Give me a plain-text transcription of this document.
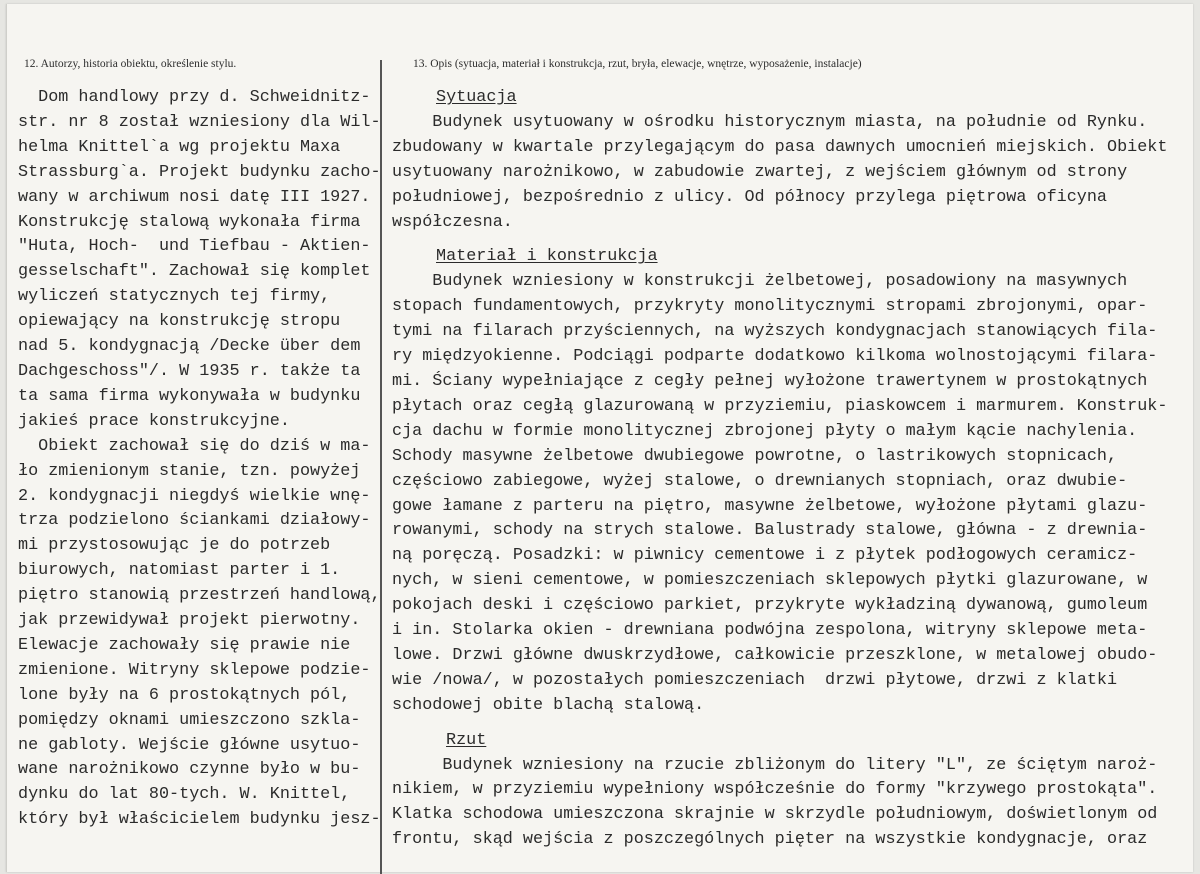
12. Autorzy, historia obiektu, określenie stylu.	13. Opis (sytuacja, materiał i konstrukcja, rzut, bryła, elewacje, wnętrze, wyposażenie, instalacje)
Dom handlowy przy d. Schweidnitz-
str. nr 8 został wzniesiony dla Wil-
helma Knittel`a wg projektu Maxa
Strassburg`a. Projekt budynku zacho-
wany w archiwum nosi datę III 1927.
Konstrukcję stalową wykonała firma
"Huta, Hoch-  und Tiefbau - Aktien-
gesselschaft". Zachował się komplet
wyliczeń statycznych tej firmy,
opiewający na konstrukcję stropu
nad 5. kondygnacją /Decke über dem
Dachgeschoss"/. W 1935 r. także ta
ta sama firma wykonywała w budynku
jakieś prace konstrukcyjne.
Obiekt zachował się do dziś w ma-
ło zmienionym stanie, tzn. powyżej
2. kondygnacji niegdyś wielkie wnę-
trza podzielono ściankami działowy-
mi przystosowując je do potrzeb
biurowych, natomiast parter i 1.
piętro stanowią przestrzeń handlową,
jak przewidywał projekt pierwotny.
Elewacje zachowały się prawie nie
zmienione. Witryny sklepowe podzie-
lone były na 6 prostokątnych pól,
pomiędzy oknami umieszczono szkla-
ne gabloty. Wejście główne usytuo-
wane narożnikowo czynne było w bu-
dynku do lat 80-tych. W. Knittel,
który był właścicielem budynku jesz-
Sytuacja
Budynek usytuowany w ośrodku historycznym miasta, na południe od Rynku.
zbudowany w kwartale przylegającym do pasa dawnych umocnień miejskich. Obiekt
usytuowany narożnikowo, w zabudowie zwartej, z wejściem głównym od strony
południowej, bezpośrednio z ulicy. Od północy przylega piętrowa oficyna
współczesna.
Materiał i konstrukcja
Budynek wzniesiony w konstrukcji żelbetowej, posadowiony na masywnych
stopach fundamentowych, przykryty monolitycznymi stropami zbrojonymi, opar-
tymi na filarach przyściennych, na wyższych kondygnacjach stanowiących fila-
ry międzyokienne. Podciągi podparte dodatkowo kilkoma wolnostojącymi filara-
mi. Ściany wypełniające z cegły pełnej wyłożone trawertynem w prostokątnych
płytach oraz cegłą glazurowaną w przyziemiu, piaskowcem i marmurem. Konstruk-
cja dachu w formie monolitycznej zbrojonej płyty o małym kącie nachylenia.
Schody masywne żelbetowe dwubiegowe powrotne, o lastrikowych stopnicach,
częściowo zabiegowe, wyżej stalowe, o drewnianych stopniach, oraz dwubie-
gowe łamane z parteru na piętro, masywne żelbetowe, wyłożone płytami glazu-
rowanymi, schody na strych stalowe. Balustrady stalowe, główna - z drewnia-
ną poręczą. Posadzki: w piwnicy cementowe i z płytek podłogowych ceramicz-
nych, w sieni cementowe, w pomieszczeniach sklepowych płytki glazurowane, w
pokojach deski i częściowo parkiet, przykryte wykładziną dywanową, gumoleum
i in. Stolarka okien - drewniana podwójna zespolona, witryny sklepowe meta-
lowe. Drzwi główne dwuskrzydłowe, całkowicie przeszklone, w metalowej obudo-
wie /nowa/, w pozostałych pomieszczeniach  drzwi płytowe, drzwi z klatki
schodowej obite blachą stalową.
Rzut
Budynek wzniesiony na rzucie zbliżonym do litery "L", ze ściętym naroż-
nikiem, w przyziemiu wypełniony współcześnie do formy "krzywego prostokąta".
Klatka schodowa umieszczona skrajnie w skrzydle południowym, doświetlonym od
frontu, skąd wejścia z poszczególnych pięter na wszystkie kondygnacje, oraz
